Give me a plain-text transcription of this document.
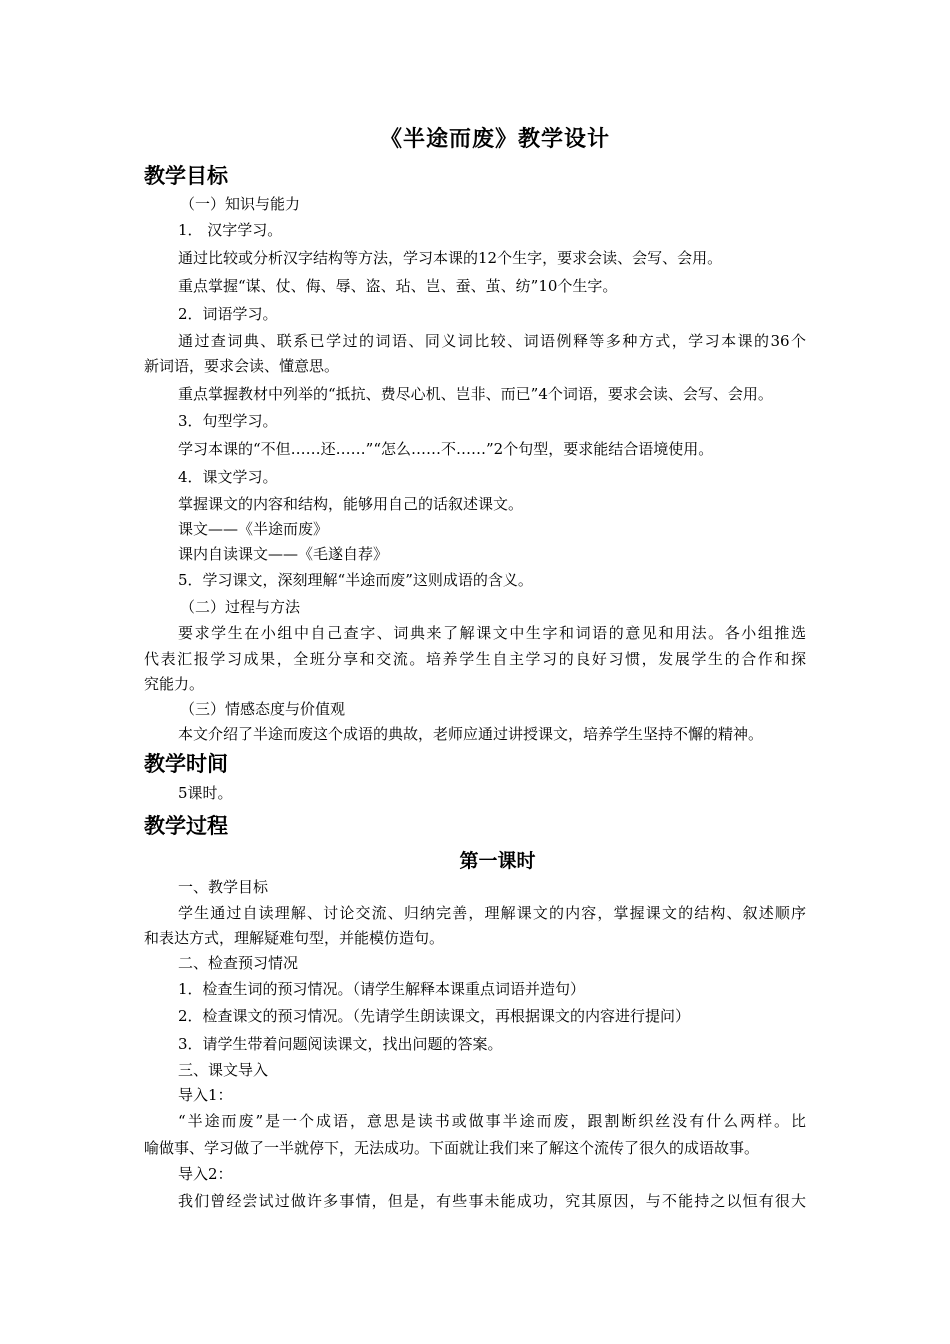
《半途而废》教学设计
教学目标
（一）知识与能力
1． 汉字学习。
通过比较或分析汉字结构等方法，学习本课的12个生字，要求会读、会写、会用。
重点掌握“谋、仗、侮、辱、盗、玷、岂、蚕、茧、纺”10个生字。
2．词语学习。
通过查词典、联系已学过的词语、同义词比较、词语例释等多种方式，学习本课的36个
新词语，要求会读、懂意思。
重点掌握教材中列举的“抵抗、费尽心机、岂非、而已”4个词语，要求会读、会写、会用。
3．句型学习。
学习本课的“不但……还……”“怎么……不……”2个句型，要求能结合语境使用。
4．课文学习。
掌握课文的内容和结构，能够用自己的话叙述课文。
课文——《半途而废》
课内自读课文——《毛遂自荐》
5．学习课文，深刻理解“半途而废”这则成语的含义。
（二）过程与方法
要求学生在小组中自己查字、词典来了解课文中生字和词语的意见和用法。各小组推选
代表汇报学习成果，全班分享和交流。培养学生自主学习的良好习惯，发展学生的合作和探
究能力。
（三）情感态度与价值观
本文介绍了半途而废这个成语的典故，老师应通过讲授课文，培养学生坚持不懈的精神。
教学时间
5课时。
教学过程
第一课时
一、教学目标
学生通过自读理解、讨论交流、归纳完善，理解课文的内容，掌握课文的结构、叙述顺序
和表达方式，理解疑难句型，并能模仿造句。
二、检查预习情况
1．检查生词的预习情况。（请学生解释本课重点词语并造句）
2．检查课文的预习情况。（先请学生朗读课文，再根据课文的内容进行提问）
3．请学生带着问题阅读课文，找出问题的答案。
三、课文导入
导入1：
“半途而废”是一个成语，意思是读书或做事半途而废，跟割断织丝没有什么两样。比
喻做事、学习做了一半就停下，无法成功。下面就让我们来了解这个流传了很久的成语故事。
导入2：
我们曾经尝试过做许多事情，但是，有些事未能成功，究其原因，与不能持之以恒有很大
